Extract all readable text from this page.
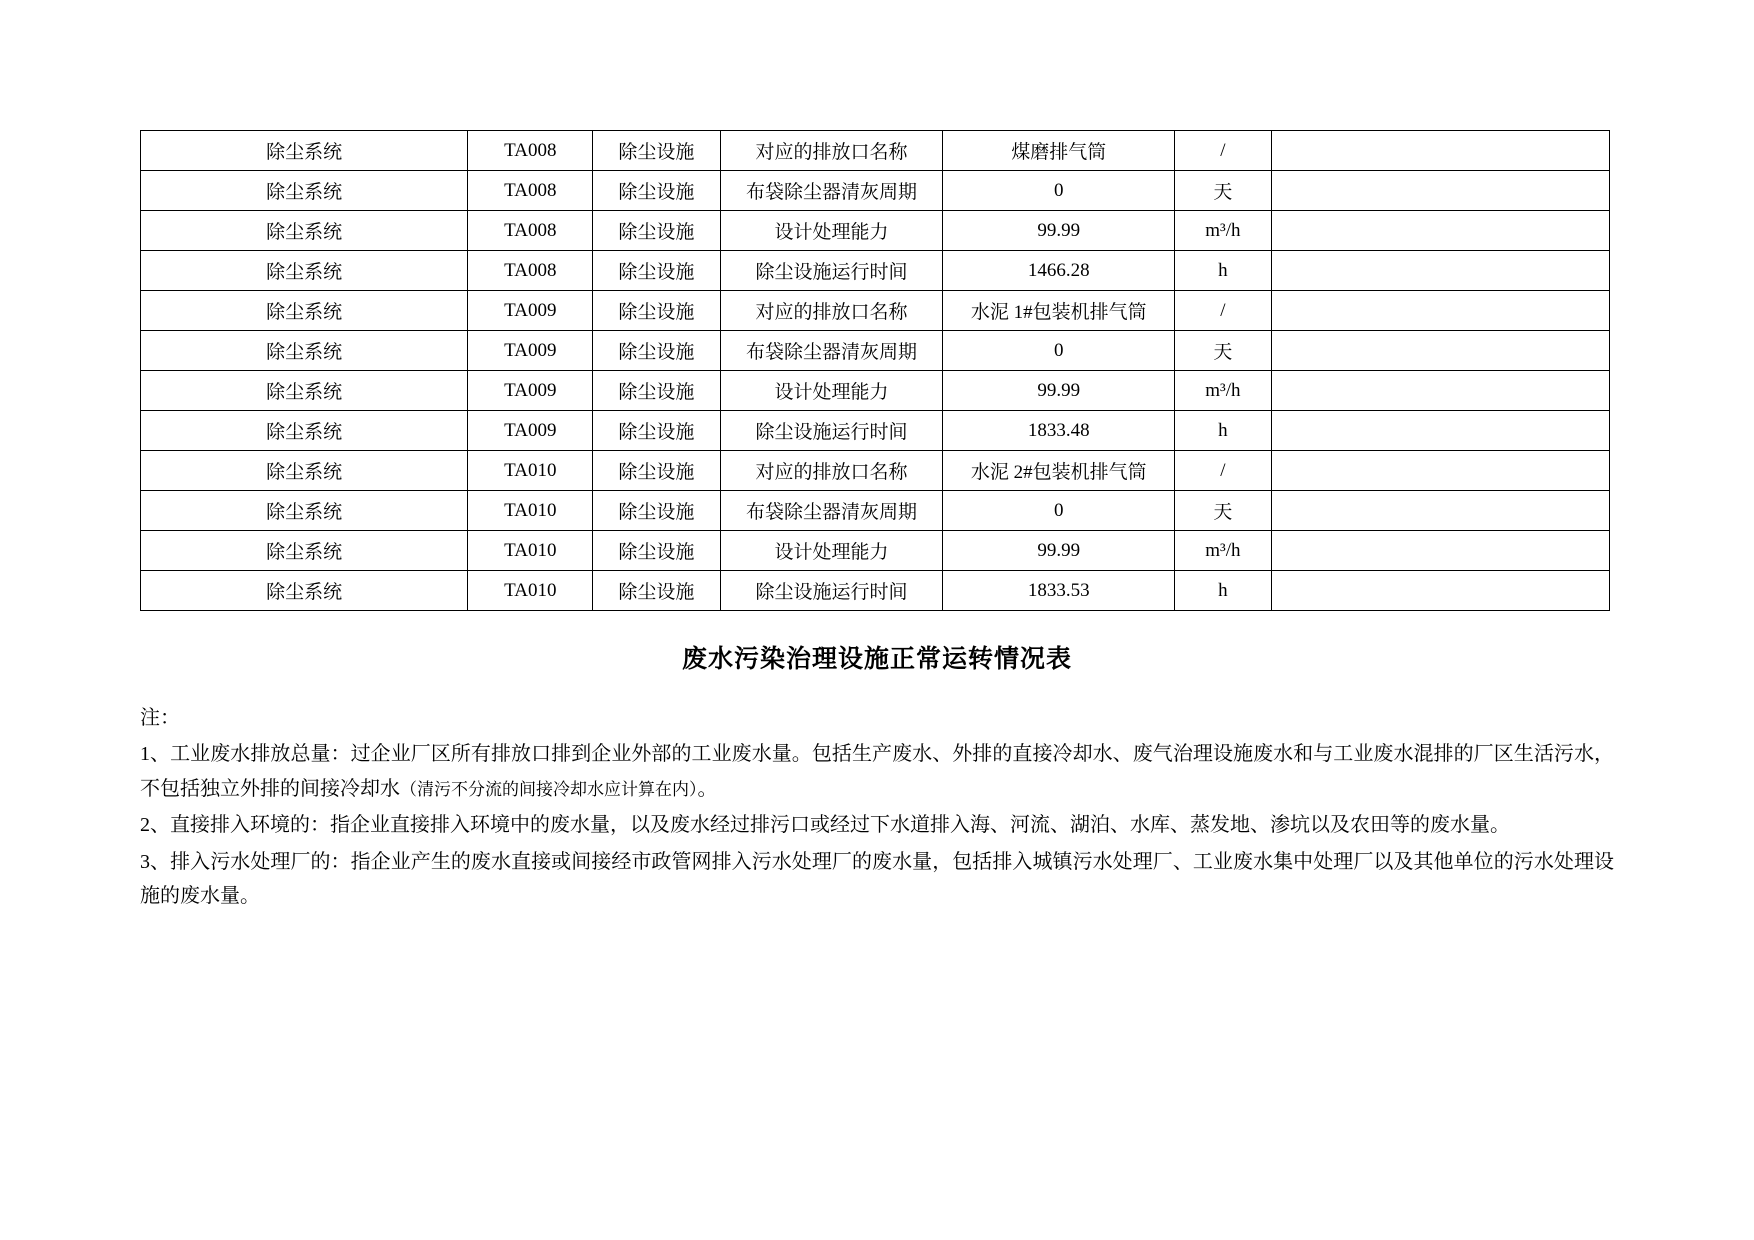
除尘系统	TA008	除尘设施	对应的排放口名称	煤磨排气筒	/	
除尘系统	TA008	除尘设施	布袋除尘器清灰周期	0	天	
除尘系统	TA008	除尘设施	设计处理能力	99.99	m³/h	
除尘系统	TA008	除尘设施	除尘设施运行时间	1466.28	h	
除尘系统	TA009	除尘设施	对应的排放口名称	水泥 1#包装机排气筒	/	
除尘系统	TA009	除尘设施	布袋除尘器清灰周期	0	天	
除尘系统	TA009	除尘设施	设计处理能力	99.99	m³/h	
除尘系统	TA009	除尘设施	除尘设施运行时间	1833.48	h	
除尘系统	TA010	除尘设施	对应的排放口名称	水泥 2#包装机排气筒	/	
除尘系统	TA010	除尘设施	布袋除尘器清灰周期	0	天	
除尘系统	TA010	除尘设施	设计处理能力	99.99	m³/h	
除尘系统	TA010	除尘设施	除尘设施运行时间	1833.53	h	
废水污染治理设施正常运转情况表
注：

1、工业废水排放总量：过企业厂区所有排放口排到企业外部的工业废水量。包括生产废水、外排的直接冷却水、废气治理设施废水和与工业废水混排的厂区生活污水，不包括独立外排的间接冷却水（清污不分流的间接冷却水应计算在内）。

2、直接排入环境的：指企业直接排入环境中的废水量，以及废水经过排污口或经过下水道排入海、河流、湖泊、水库、蒸发地、渗坑以及农田等的废水量。

3、排入污水处理厂的：指企业产生的废水直接或间接经市政管网排入污水处理厂的废水量，包括排入城镇污水处理厂、工业废水集中处理厂以及其他单位的污水处理设施的废水量。
